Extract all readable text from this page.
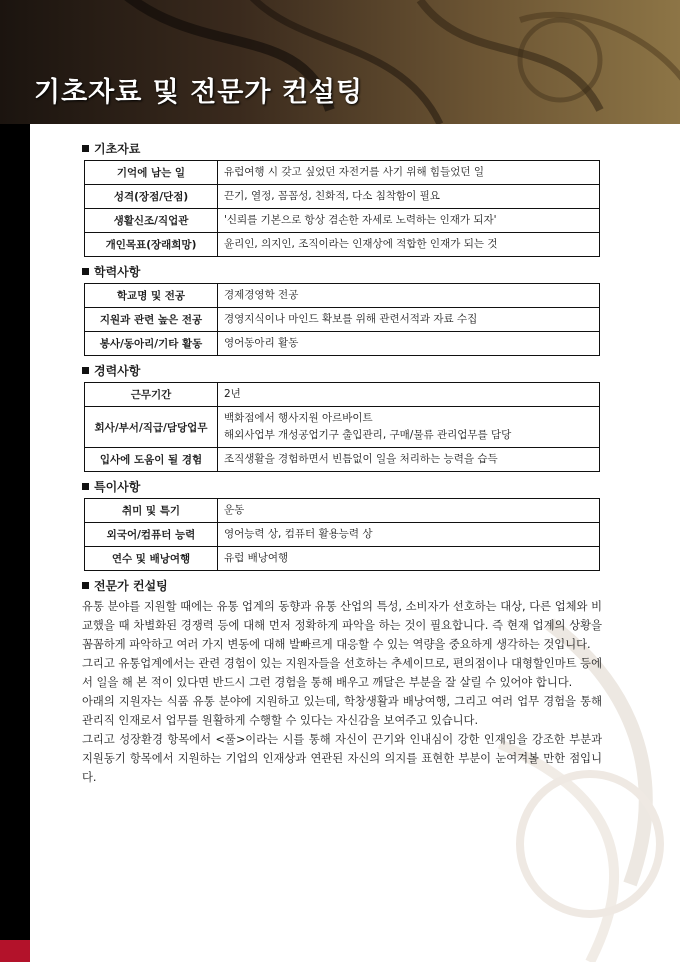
기초자료 및 전문가 컨설팅
기초자료
기억에 남는 일	유럽여행 시 갖고 싶었던 자전거를 사기 위해 힘들었던 일
성격(장점/단점)	끈기, 열정, 꼼꼼성, 친화적, 다소 침착함이 필요
생활신조/직업관	'신뢰를 기본으로 항상 겸손한 자세로 노력하는 인재가 되자'
개인목표(장래희망)	윤리인, 의지인, 조직이라는 인재상에 적합한 인재가 되는 것
학력사항
학교명 및 전공	경제경영학 전공
지원과 관련 높은 전공	경영지식이나 마인드 확보를 위해 관련서적과 자료 수집
봉사/동아리/기타 활동	영어동아리 활동
경력사항
근무기간	2년
회사/부서/직급/담당업무	백화점에서 행사지원 아르바이트
해외사업부 개성공업기구 출입관리, 구매/물류 관리업무를 담당

입사에 도움이 될 경험	조직생활을 경험하면서 빈틈없이 일을 처리하는 능력을 습득
특이사항
취미 및 특기	운동
외국어/컴퓨터 능력	영어능력 상, 컴퓨터 활용능력 상
연수 및 배낭여행	유럽 배낭여행
전문가 컨설팅

유통 분야를 지원할 때에는 유통 업계의 동향과 유통 산업의 특성, 소비자가 선호하는 대상, 다른 업체와 비교했을 때 차별화된 경쟁력 등에 대해 먼저 정확하게 파악을 하는 것이 필요합니다. 즉 현재 업계의 상황을 꼼꼼하게 파악하고 여러 가지 변동에 대해 발빠르게 대응할 수 있는 역량을 중요하게 생각하는 것입니다.

그리고 유통업계에서는 관련 경험이 있는 지원자들을 선호하는 추세이므로, 편의점이나 대형할인마트 등에서 일을 해 본 적이 있다면 반드시 그런 경험을 통해 배우고 깨달은 부분을 잘 살릴 수 있어야 합니다.

아래의 지원자는 식품 유통 분야에 지원하고 있는데, 학창생활과 배낭여행, 그리고 여러 업무 경험을 통해 관리직 인재로서 업무를 원활하게 수행할 수 있다는 자신감을 보여주고 있습니다.

그리고 성장환경 항목에서 <풀>이라는 시를 통해 자신이 끈기와 인내심이 강한 인재임을 강조한 부분과 지원동기 항목에서 지원하는 기업의 인재상과 연관된 자신의 의지를 표현한 부분이 눈여겨볼 만한 점입니다.
